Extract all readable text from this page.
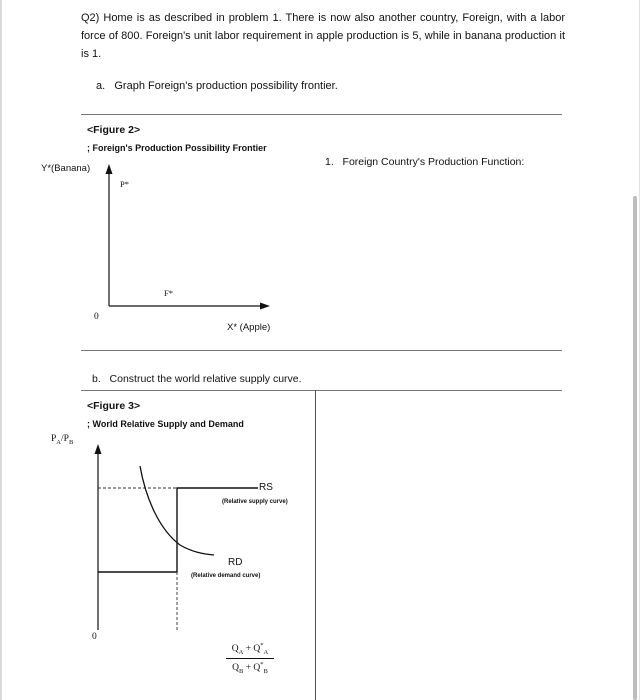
Q2) Home is as described in problem 1. There is now also another country, Foreign, with a labor force of 800. Foreign's unit labor requirement in apple production is 5, while in banana production it is 1.
a. Graph Foreign's production possibility frontier.
<Figure 2>
; Foreign's Production Possibility Frontier
Y*(Banana)
P*
F*
0
X* (Apple)
1. Foreign Country's Production Function:
b. Construct the world relative supply curve.
<Figure 3>
; World Relative Supply and Demand
$P_A/P_B$
RS
(Relative supply curve)
RD
(Relative demand curve)
0
$\frac{Q_A + Q^*_A}{Q_B + Q^*_B}$
